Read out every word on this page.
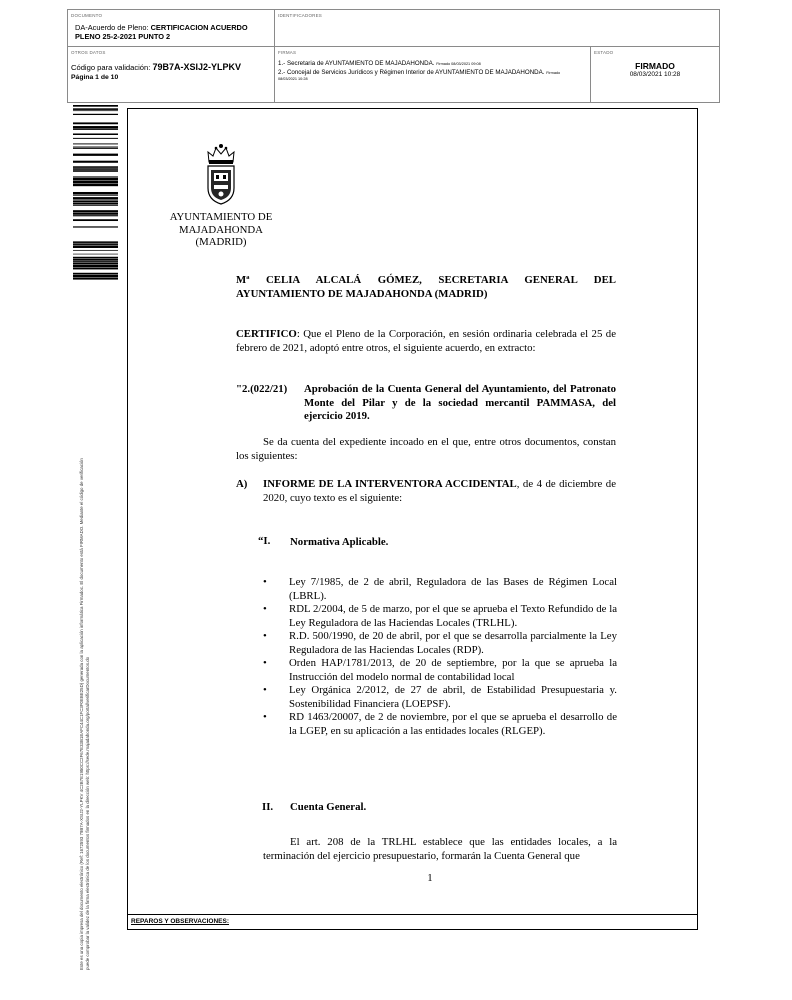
DOCUMENTO
DA-Acuerdo de Pleno: CERTIFICACION ACUERDO
PLENO 25-2-2021 PUNTO 2
IDENTIFICADORES
OTROS DATOS
Código para validación: 79B7A-XSIJ2-YLPKV
Página 1 de 10
FIRMAS
1.- Secretaria de AYUNTAMIENTO DE MAJADAHONDA. Firmado 08/03/2021 09:08
2.- Concejal de Servicios Jurídicos y Régimen Interior de AYUNTAMIENTO DE MAJADAHONDA. Firmado
08/03/2021 10:28
ESTADO
FIRMADO
08/03/2021 10:28
Este es una copia impresa del documento electrónico (Ref: 1672593 79B7A-XSIJ2-YLPKV 4C2B7E1950CC2F67E33B1EAFC44C1FC3F0EBE25D) generada con la aplicación informática Firmadoc. El documento está FIRMADO. Mediante el código de verificación puede comprobar la validez de la firma electrónica de los documentos firmados en la dirección web: https://sede.majadahonda.org/portal/verificarDocumentos.do	REPAROS Y OBSERVACIONES:
AYUNTAMIENTO DE
MAJADAHONDA
(MADRID)
Mª CELIA ALCALÁ GÓMEZ, SECRETARIA GENERAL DEL AYUNTAMIENTO DE MAJADAHONDA (MADRID)
CERTIFICO: Que el Pleno de la Corporación, en sesión ordinaria celebrada el 25 de febrero de 2021, adoptó entre otros, el siguiente acuerdo, en extracto:
"2.(022/21) Aprobación de la Cuenta General del Ayuntamiento, del Patronato Monte del Pilar y de la sociedad mercantil PAMMASA, del ejercicio 2019.
Se da cuenta del expediente incoado en el que, entre otros documentos, constan los siguientes:
A) INFORME DE LA INTERVENTORA ACCIDENTAL, de 4 de diciembre de 2020, cuyo texto es el siguiente:
“I. Normativa Aplicable.
• Ley 7/1985, de 2 de abril, Reguladora de las Bases de Régimen Local (LBRL).
• RDL 2/2004, de 5 de marzo, por el que se aprueba el Texto Refundido de la Ley Reguladora de las Haciendas Locales (TRLHL).
• R.D. 500/1990, de 20 de abril, por el que se desarrolla parcialmente la Ley Reguladora de las Haciendas Locales (RDP).
• Orden HAP/1781/2013, de 20 de septiembre, por la que se aprueba la Instrucción del modelo normal de contabilidad local
• Ley Orgánica 2/2012, de 27 de abril, de Estabilidad Presupuestaria y. Sostenibilidad Financiera (LOEPSF).
• RD 1463/20007, de 2 de noviembre, por el que se aprueba el desarrollo de la LGEP, en su aplicación a las entidades locales (RLGEP).
II. Cuenta General.
El art. 208 de la TRLHL establece que las entidades locales, a la terminación del ejercicio presupuestario, formarán la Cuenta General que
1
